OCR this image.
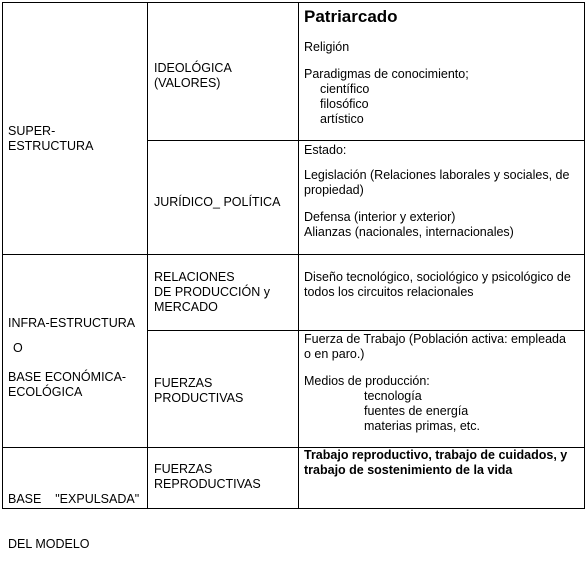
SUPER-
ESTRUCTURA
IDEOLÓGICA
(VALORES)
Patriarcado
Religión
Paradigmas de conocimiento;
científico
filosófico
artístico
JURÍDICO_ POLÍTICA
Estado:
Legislación (Relaciones laborales y sociales, de
propiedad)
Defensa (interior y exterior)
Alianzas (nacionales, internacionales)
INFRA-ESTRUCTURA
O
BASE ECONÓMICA-
ECOLÓGICA
RELACIONES
DE PRODUCCIÓN y
MERCADO
Diseño tecnológico, sociológico y psicológico de
todos los circuitos relacionales
FUERZAS
PRODUCTIVAS
Fuerza de Trabajo (Población activa: empleada
o en paro.)
Medios de producción:
tecnología
fuentes de energía
materias primas, etc.

BASE    "EXPULSADA"

DEL MODELO

FUERZAS
REPRODUCTIVAS
Trabajo reproductivo, trabajo de cuidados, y
trabajo de sostenimiento de la vida
